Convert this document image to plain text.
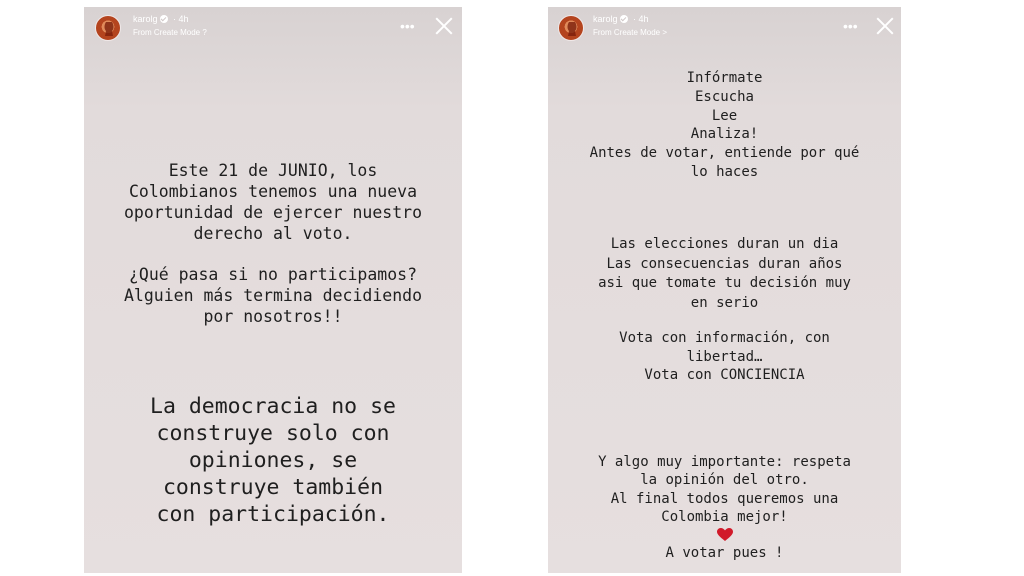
karolg · 4h
From Create Mode ?	•••
Este 21 de JUNIO, los
Colombianos tenemos una nueva
oportunidad de ejercer nuestro
derecho al voto.
¿Qué pasa si no participamos?
Alguien más termina decidiendo
por nosotros!!
La democracia no se
construye solo con
opiniones, se
construye también
con participación.
karolg · 4h
From Create Mode >	•••
Infórmate
Escucha
Lee
Analiza!
Antes de votar, entiende por qué
lo haces
Las elecciones duran un dia
Las consecuencias duran años
asi que tomate tu decisión muy
en serio
Vota con información, con
libertad…
Vota con CONCIENCIA

Y algo muy importante: respeta
la opinión del otro.
Al final todos queremos una
Colombia mejor!

A votar pues !
